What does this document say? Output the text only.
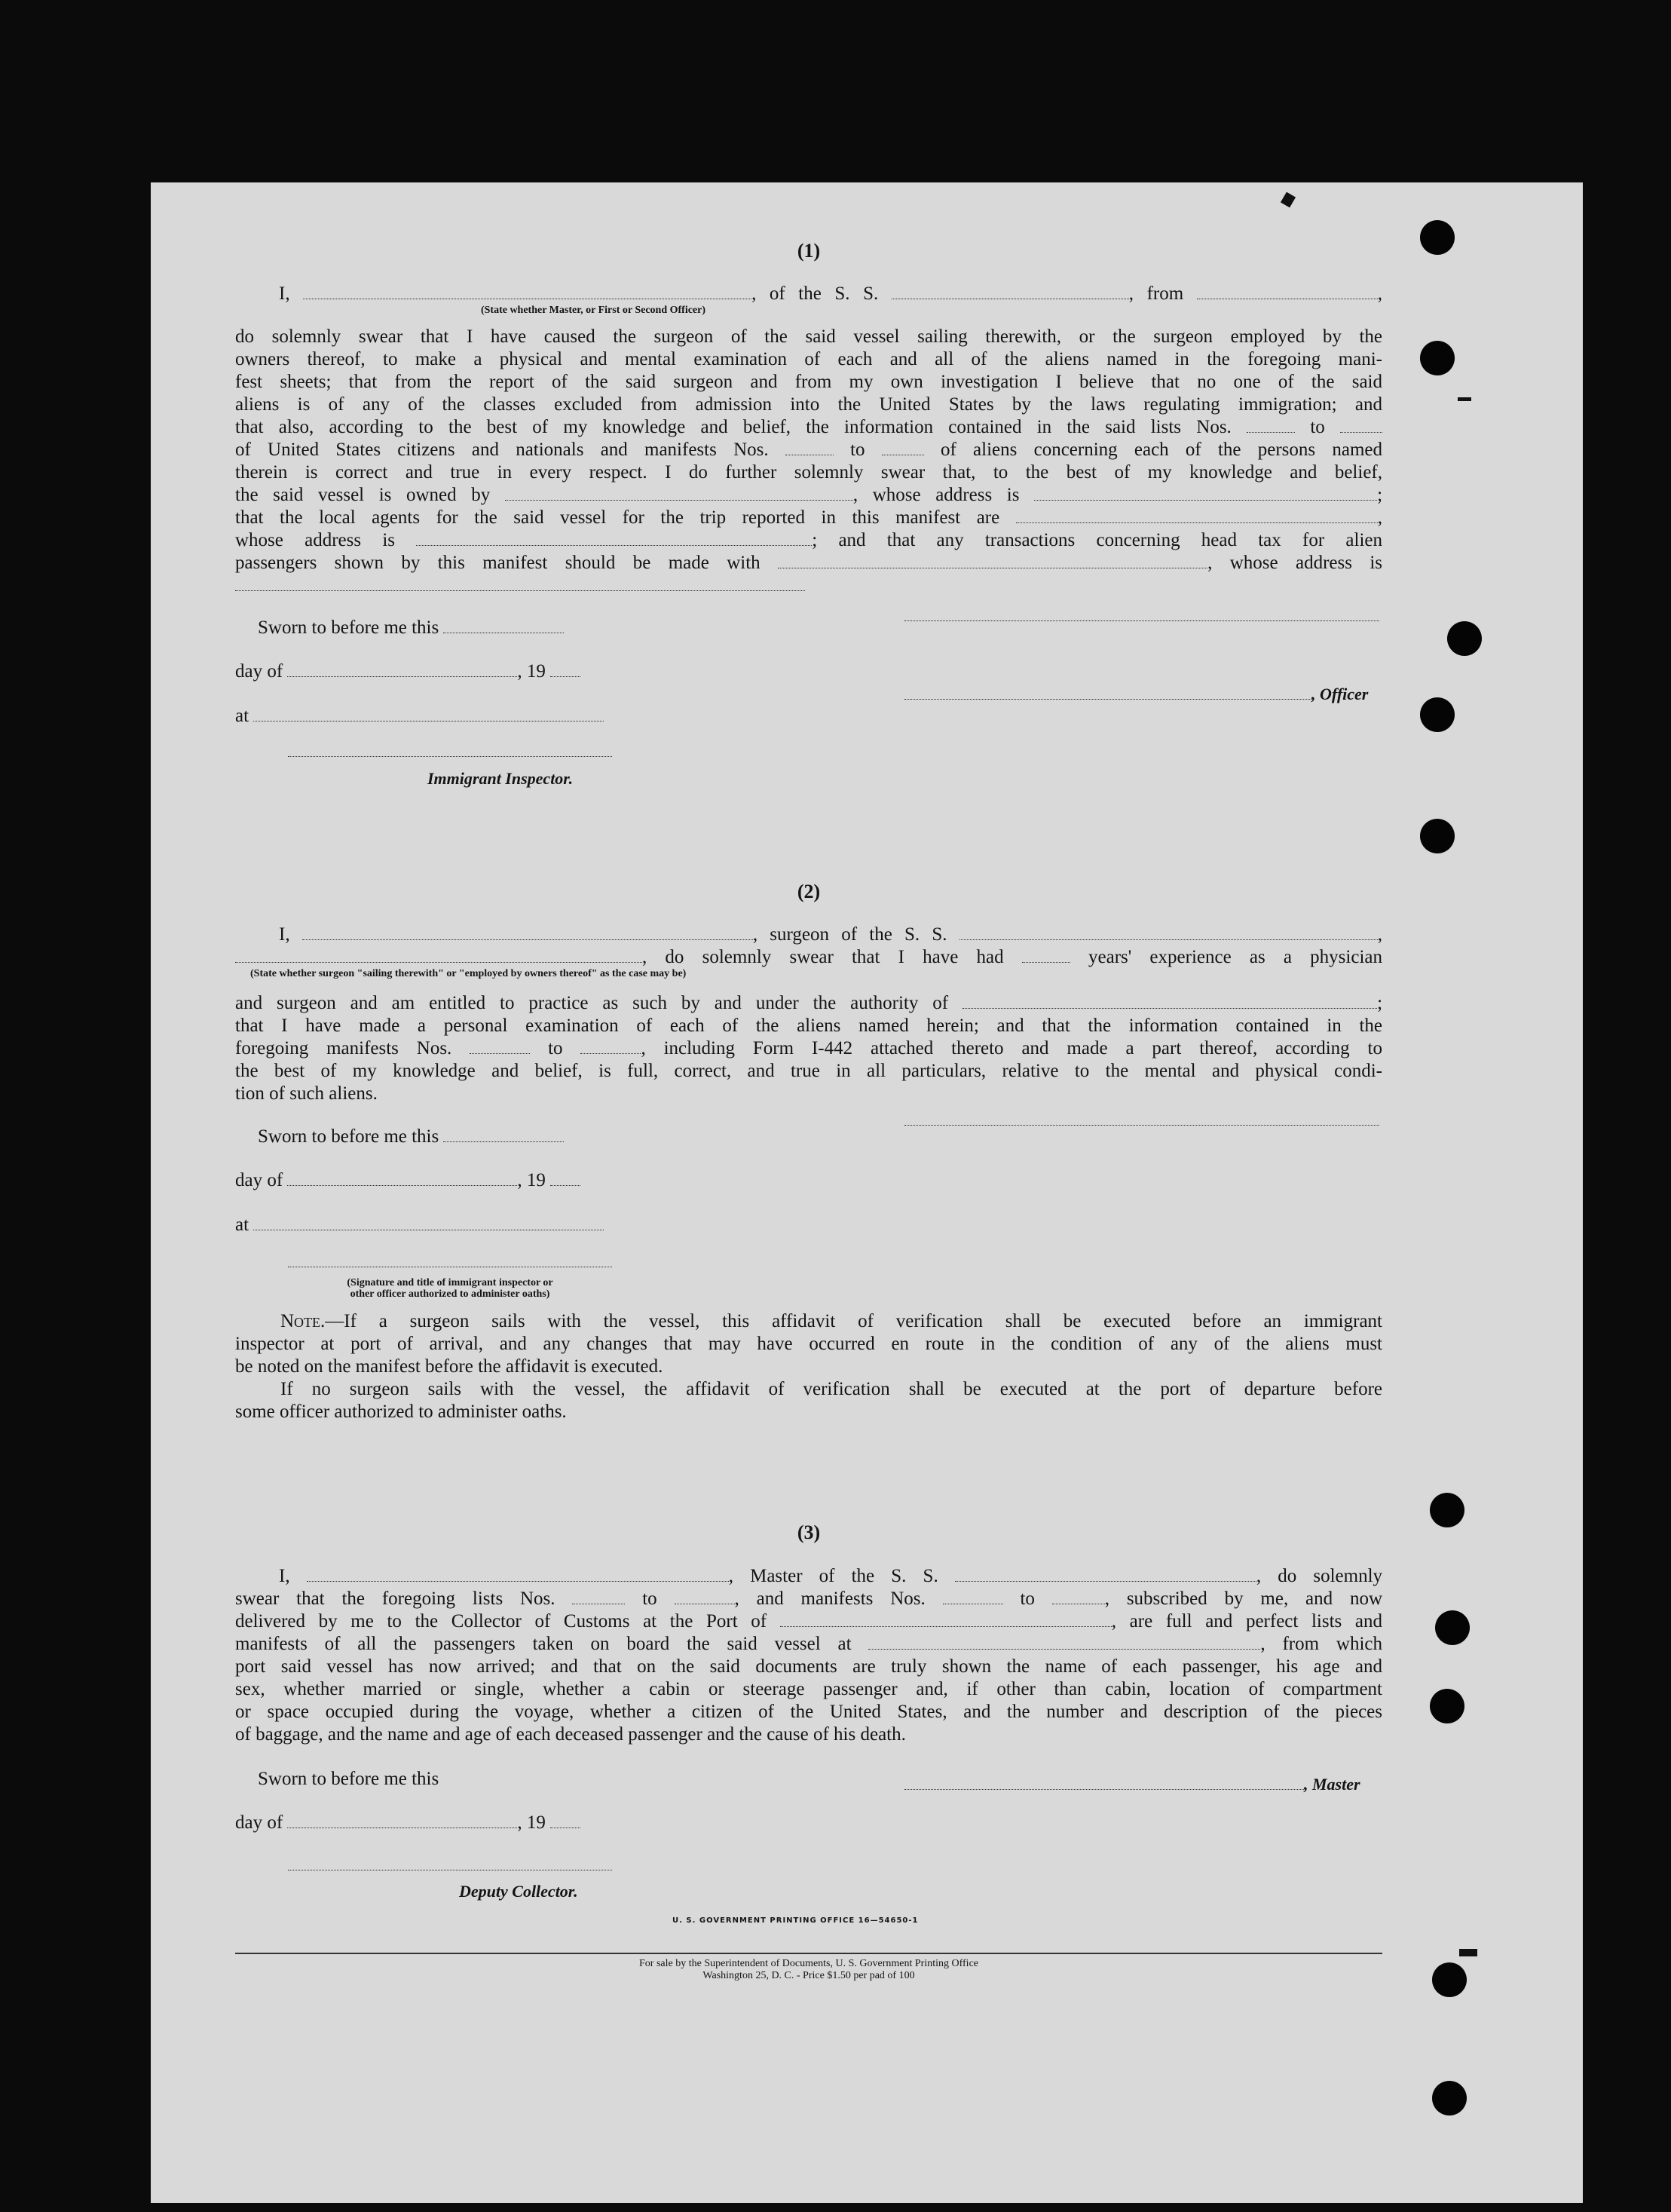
(1)

I,	, of the S. S.	, from	,

(State whether Master, or First or Second Officer)

do solemnly swear that I have caused the surgeon of the said vessel sailing therewith, or the surgeon employed by the

owners thereof, to make a physical and mental examination of each and all of the aliens named in the foregoing mani-

fest sheets; that from the report of the said surgeon and from my own investigation I believe that no one of the said

aliens is of any of the classes excluded from admission into the United States by the laws regulating immigration; and

that also, according to the best of my knowledge and belief, the information contained in the said lists Nos.	to

of United States citizens and nationals and manifests Nos.	to	of aliens concerning each of the persons named

therein is correct and true in every respect. I do further solemnly swear that, to the best of my knowledge and belief,

the said vessel is owned by	, whose address is	;

that the local agents for the said vessel for the trip reported in this manifest are	,

whose address is	; and that any transactions concerning head tax for alien

passengers shown by this manifest should be made with	, whose address is

Sworn to before me this
day of	, 19
at
Immigrant Inspector.
, Officer
(2)

I,	, surgeon of the S. S.	,

, do solemnly swear that I have had	years' experience as a physician

(State whether surgeon "sailing therewith" or "employed by owners thereof" as the case may be)

and surgeon and am entitled to practice as such by and under the authority of	;

that I have made a personal examination of each of the aliens named herein; and that the information contained in the

foregoing manifests Nos.	to	, including Form I-442 attached thereto and made a part thereof, according to

the best of my knowledge and belief, is full, correct, and true in all particulars, relative to the mental and physical condi-

tion of such aliens.

Sworn to before me this
day of	, 19
at
(Signature and title of immigrant inspector or
other officer authorized to administer oaths)

Note.—If a surgeon sails with the vessel, this affidavit of verification shall be executed before an immigrant

inspector at port of arrival, and any changes that may have occurred en route in the condition of any of the aliens must

be noted on the manifest before the affidavit is executed.

If no surgeon sails with the vessel, the affidavit of verification shall be executed at the port of departure before

some officer authorized to administer oaths.

(3)

I,	, Master of the S. S.	, do solemnly

swear that the foregoing lists Nos.	to	, and manifests Nos.	to	, subscribed by me, and now

delivered by me to the Collector of Customs at the Port of	, are full and perfect lists and

manifests of all the passengers taken on board the said vessel at	, from which

port said vessel has now arrived; and that on the said documents are truly shown the name of each passenger, his age and

sex, whether married or single, whether a cabin or steerage passenger and, if other than cabin, location of compartment

or space occupied during the voyage, whether a citizen of the United States, and the number and description of the pieces

of baggage, and the name and age of each deceased passenger and the cause of his death.

Sworn to before me this	, Master
day of	, 19
Deputy Collector.
U. S. GOVERNMENT PRINTING OFFICE 16—54650-1
For sale by the Superintendent of Documents, U. S. Government Printing Office
Washington 25, D. C. - Price $1.50 per pad of 100
